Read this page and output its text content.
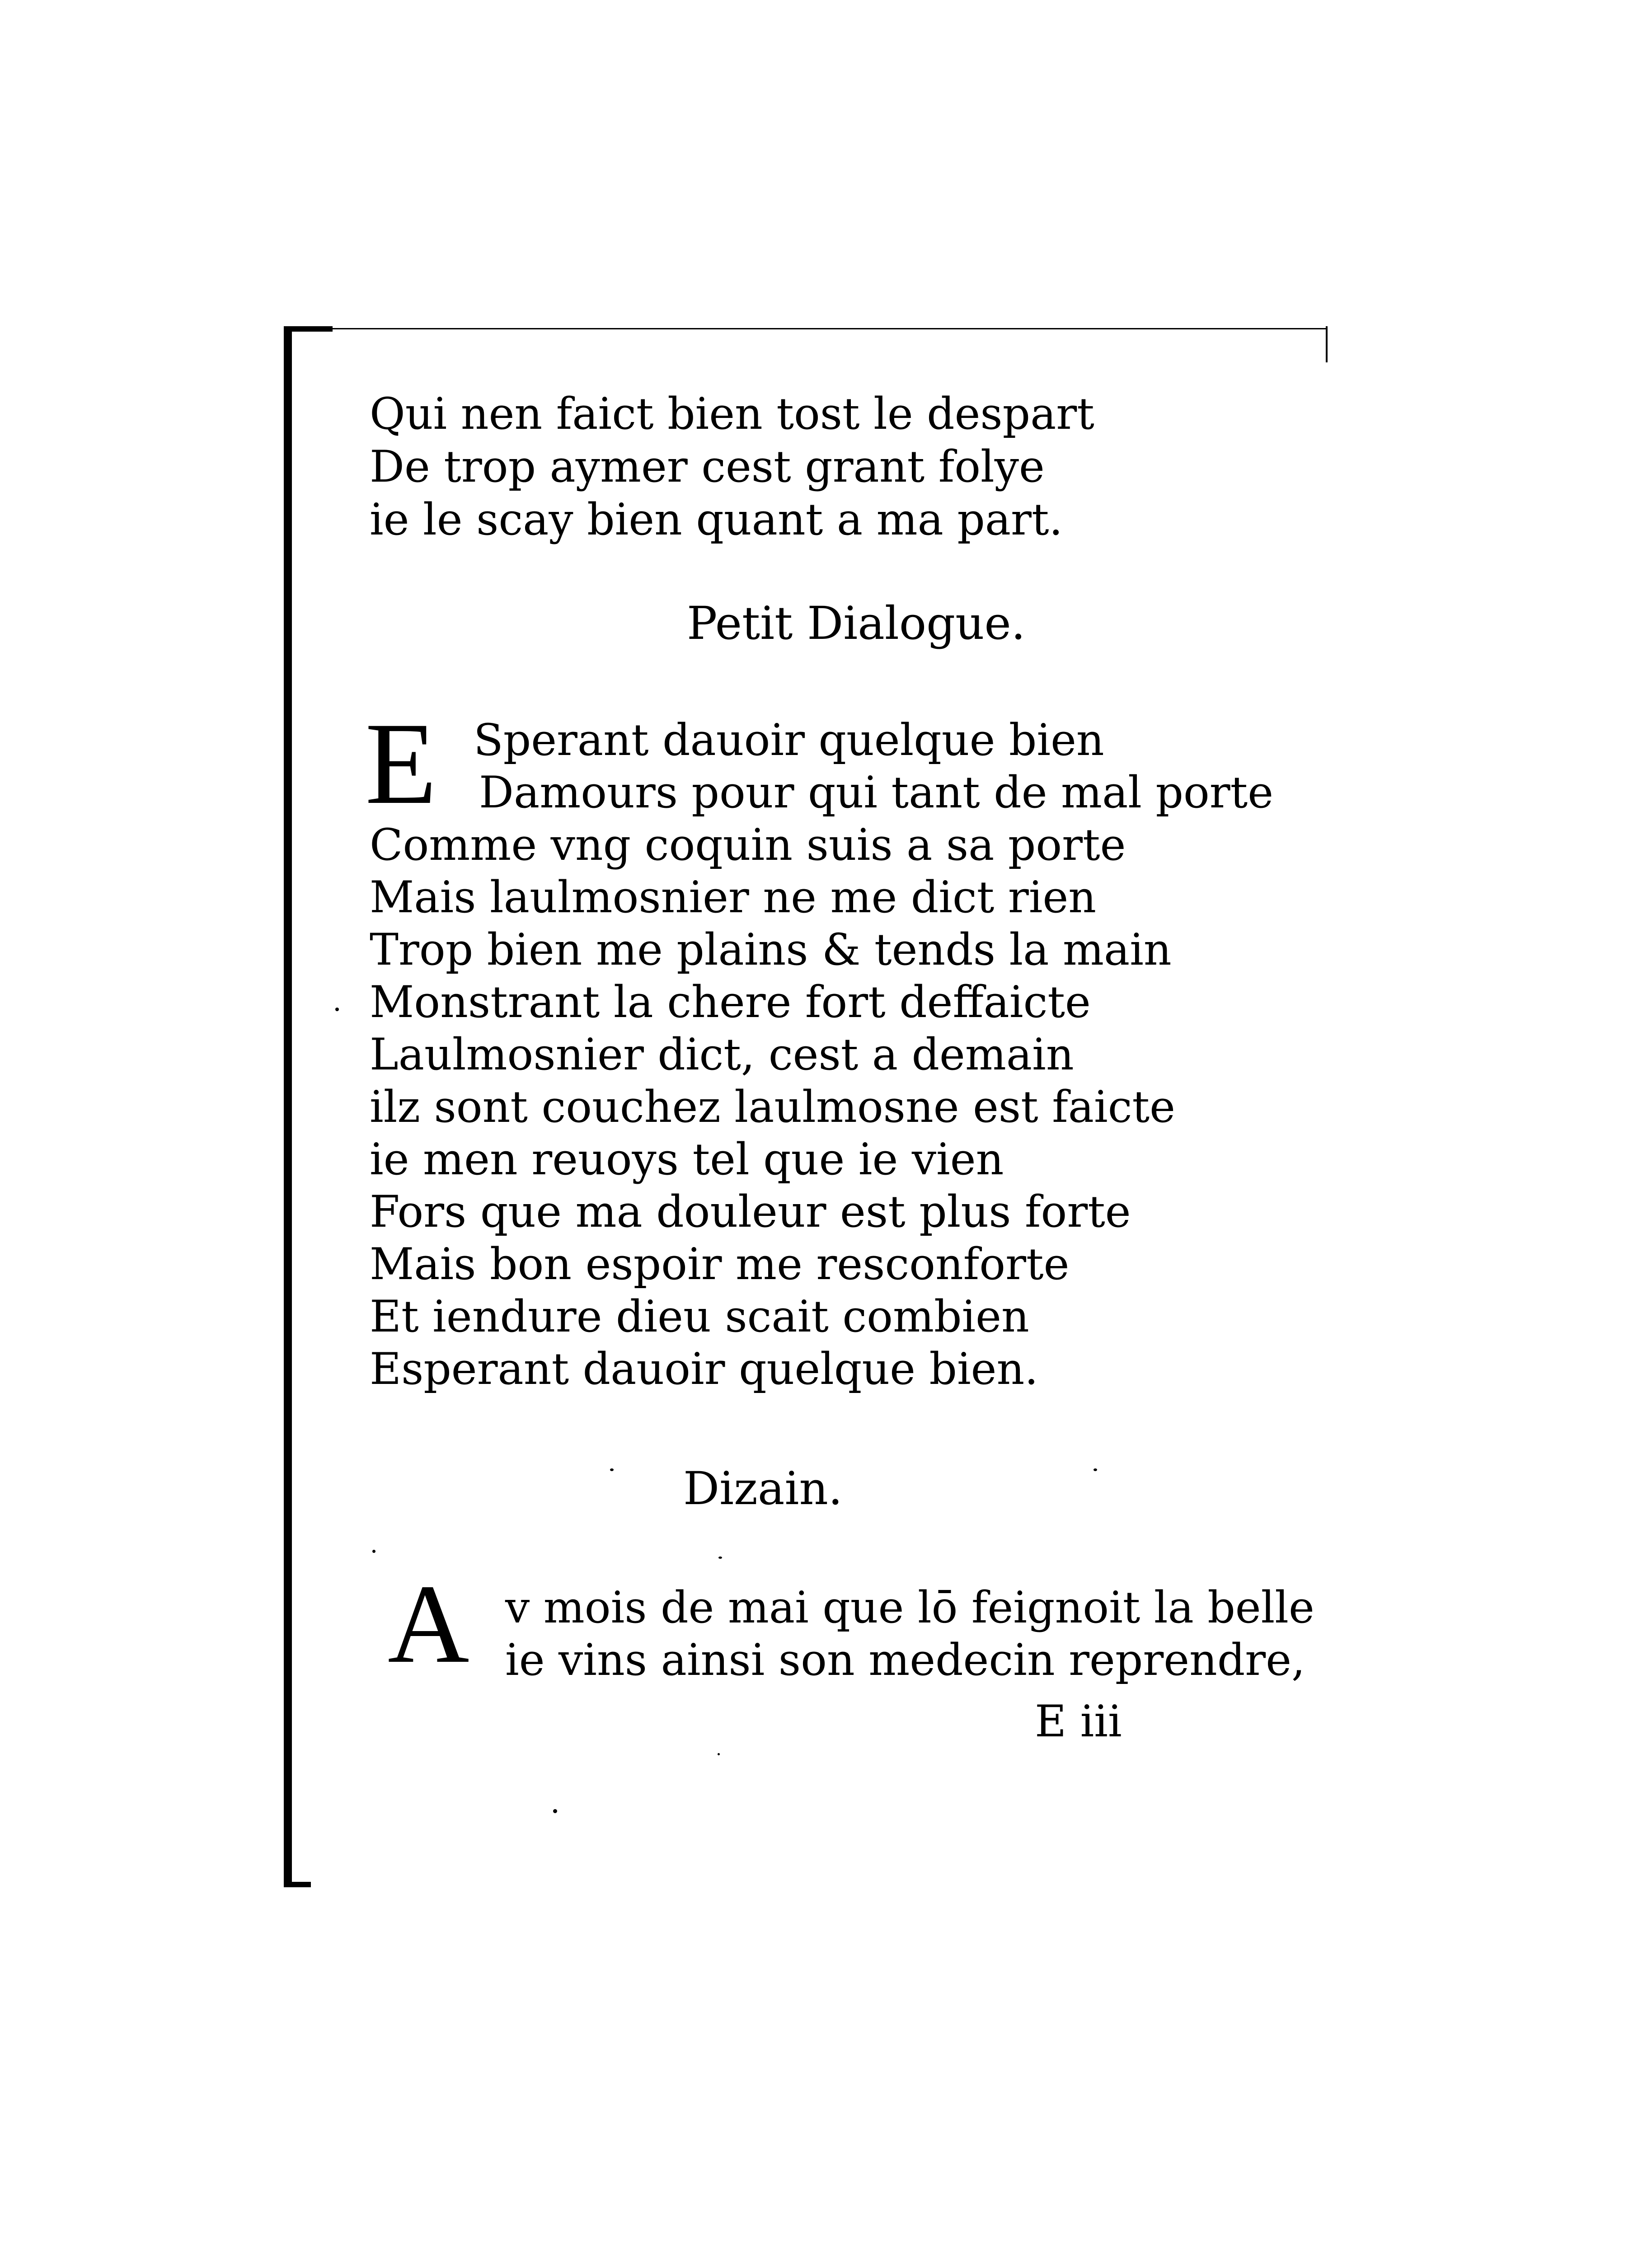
Qui nen faict bien tost le despart
De trop aymer cest grant folye
ie le scay bien quant a ma part.
Petit Dialogue.
E Sperant dauoir quelque bien
Damours pour qui tant de mal porte
Comme vng coquin suis a sa porte
Mais laulmosnier ne me dict rien
Trop bien me plains & tends la main
Monstrant la chere fort deffaicte
Laulmosnier dict, cest a demain
ilz sont couchez laulmosne est faicte
ie men reuoys tel que ie vien
Fors que ma douleur est plus forte
Mais bon espoir me resconforte
Et iendure dieu scait combien
Esperant dauoir quelque bien.
Dizain.
A v mois de mai que lō feignoit la belle
ie vins ainsi son medecin reprendre,
E iii
